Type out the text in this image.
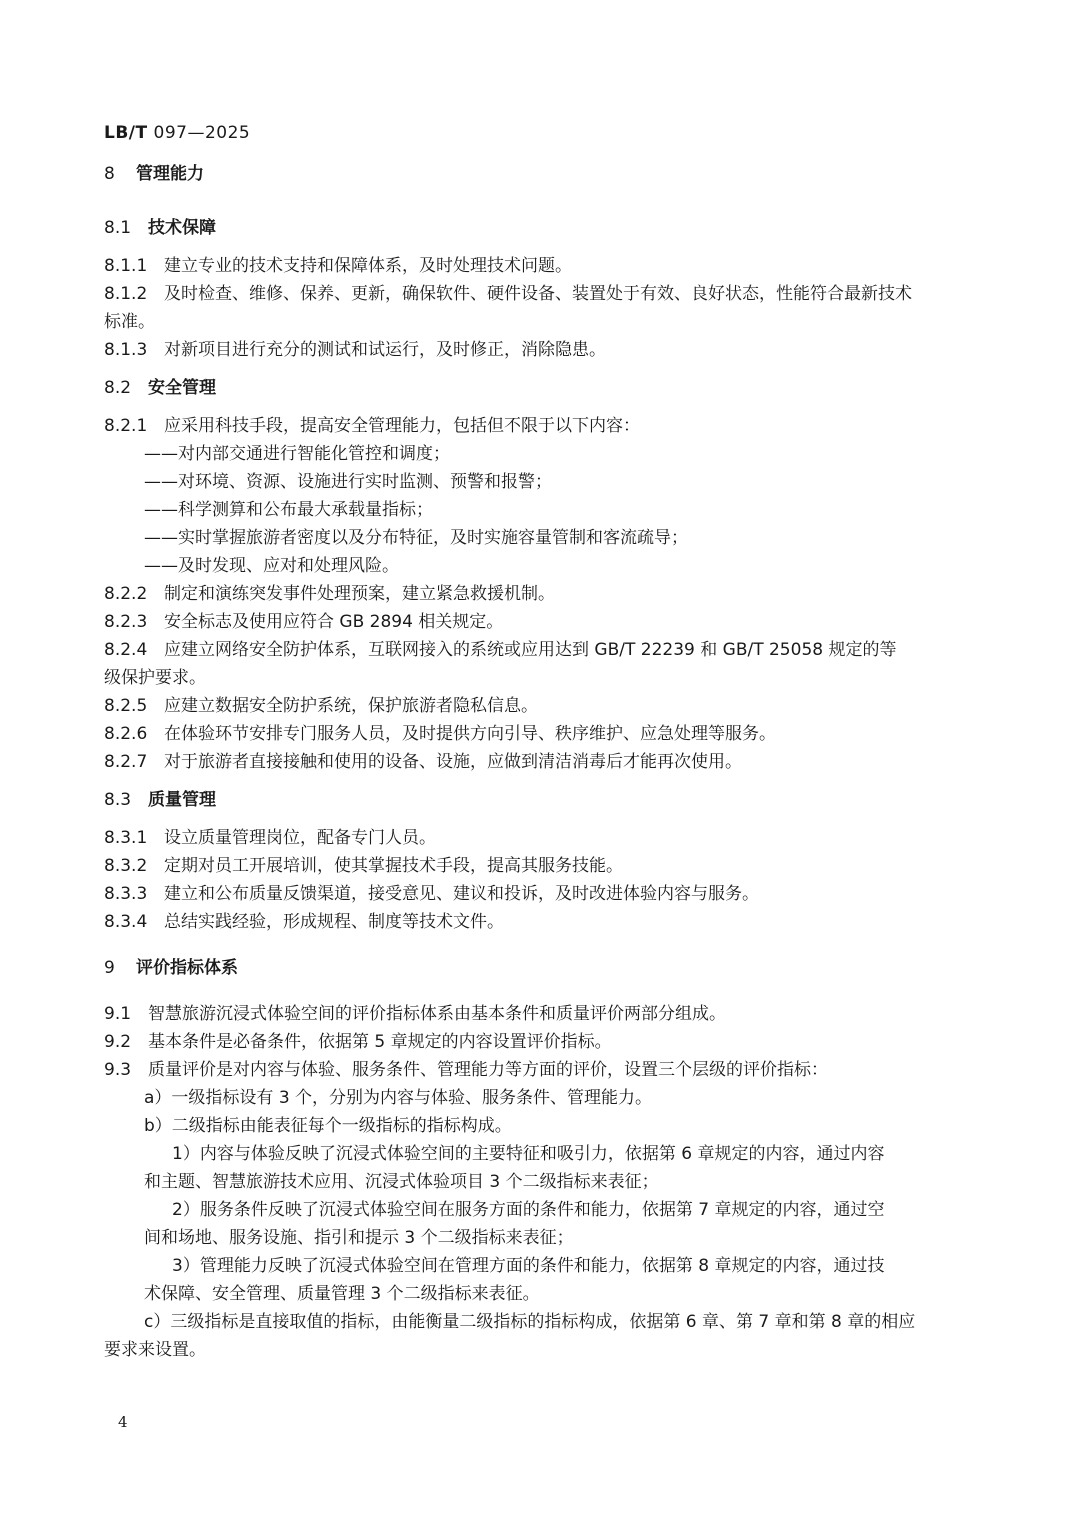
LB/T 097—2025
8 管理能力
8.1 技术保障
8.1.1 建立专业的技术支持和保障体系，及时处理技术问题。
8.1.2 及时检查、维修、保养、更新，确保软件、硬件设备、装置处于有效、良好状态，性能符合最新技术
标准。
8.1.3 对新项目进行充分的测试和试运行，及时修正，消除隐患。
8.2 安全管理
8.2.1 应采用科技手段，提高安全管理能力，包括但不限于以下内容：
——对内部交通进行智能化管控和调度；
——对环境、资源、设施进行实时监测、预警和报警；
——科学测算和公布最大承载量指标；
——实时掌握旅游者密度以及分布特征，及时实施容量管制和客流疏导；
——及时发现、应对和处理风险。
8.2.2 制定和演练突发事件处理预案，建立紧急救援机制。
8.2.3 安全标志及使用应符合 GB 2894 相关规定。
8.2.4 应建立网络安全防护体系，互联网接入的系统或应用达到 GB/T 22239 和 GB/T 25058 规定的等
级保护要求。
8.2.5 应建立数据安全防护系统，保护旅游者隐私信息。
8.2.6 在体验环节安排专门服务人员，及时提供方向引导、秩序维护、应急处理等服务。
8.2.7 对于旅游者直接接触和使用的设备、设施，应做到清洁消毒后才能再次使用。
8.3 质量管理
8.3.1 设立质量管理岗位，配备专门人员。
8.3.2 定期对员工开展培训，使其掌握技术手段，提高其服务技能。
8.3.3 建立和公布质量反馈渠道，接受意见、建议和投诉，及时改进体验内容与服务。
8.3.4 总结实践经验，形成规程、制度等技术文件。
9 评价指标体系
9.1 智慧旅游沉浸式体验空间的评价指标体系由基本条件和质量评价两部分组成。
9.2 基本条件是必备条件，依据第 5 章规定的内容设置评价指标。
9.3 质量评价是对内容与体验、服务条件、管理能力等方面的评价，设置三个层级的评价指标：
a）一级指标设有 3 个，分别为内容与体验、服务条件、管理能力。
b）二级指标由能表征每个一级指标的指标构成。
1）内容与体验反映了沉浸式体验空间的主要特征和吸引力，依据第 6 章规定的内容，通过内容
和主题、智慧旅游技术应用、沉浸式体验项目 3 个二级指标来表征；
2）服务条件反映了沉浸式体验空间在服务方面的条件和能力，依据第 7 章规定的内容，通过空
间和场地、服务设施、指引和提示 3 个二级指标来表征；
3）管理能力反映了沉浸式体验空间在管理方面的条件和能力，依据第 8 章规定的内容，通过技
术保障、安全管理、质量管理 3 个二级指标来表征。
c）三级指标是直接取值的指标，由能衡量二级指标的指标构成，依据第 6 章、第 7 章和第 8 章的相应
要求来设置。
4
